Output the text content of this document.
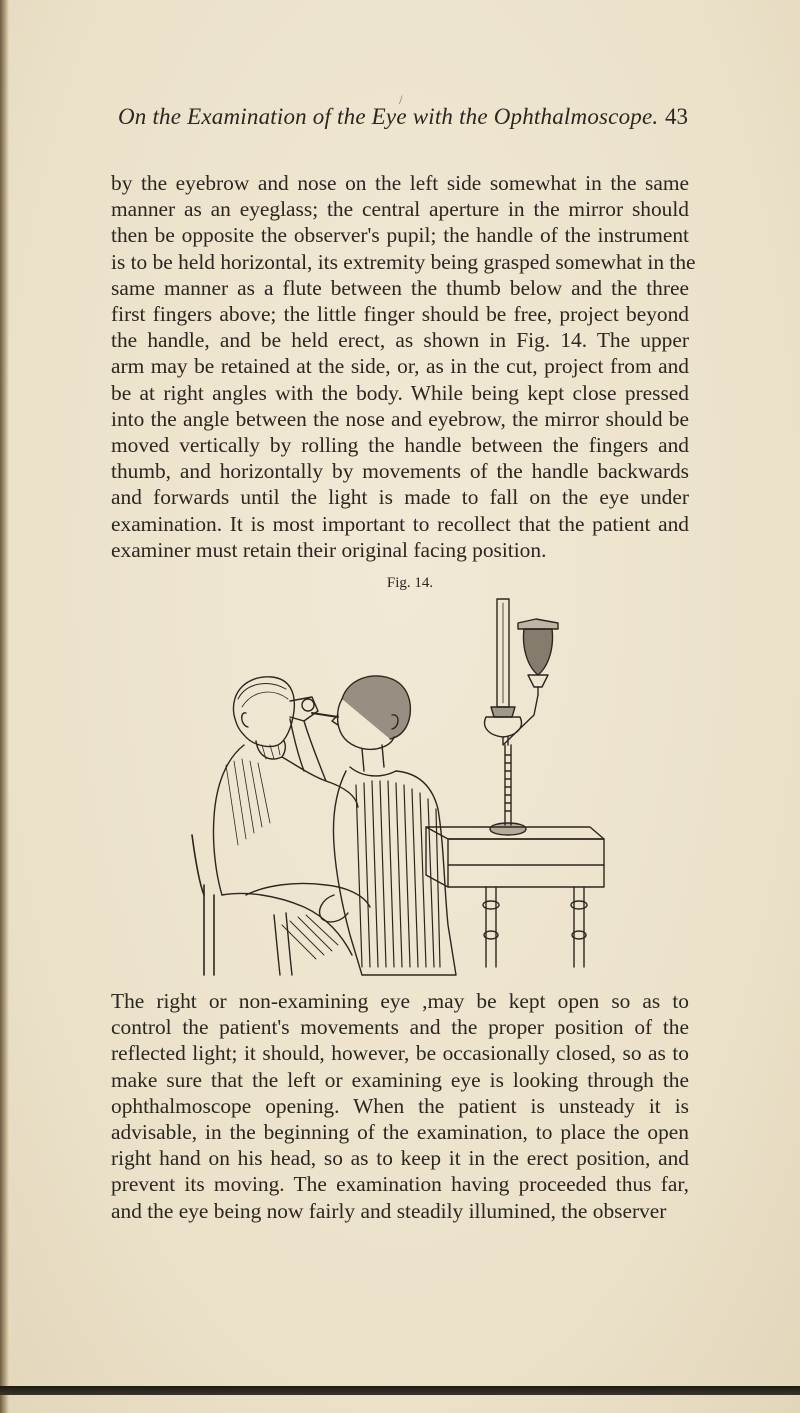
/
On the Examination of the Eye with the Ophthalmoscope. 43
by the eyebrow and nose on the left side somewhat in the same
manner as an eyeglass; the central aperture in the mirror should
then be opposite the observer's pupil; the handle of the instrument
is to be held horizontal, its extremity being grasped somewhat in the
same manner as a flute between the thumb below and the three
first fingers above; the little finger should be free, project beyond
the handle, and be held erect, as shown in Fig. 14. The upper
arm may be retained at the side, or, as in the cut, project from and
be at right angles with the body. While being kept close pressed
into the angle between the nose and eyebrow, the mirror should be
moved vertically by rolling the handle between the fingers and
thumb, and horizontally by movements of the handle backwards
and forwards until the light is made to fall on the eye under
examination. It is most important to recollect that the patient and
examiner must retain their original facing position.
Fig. 14.
The right or non-examining eye ,may be kept open so as to
control the patient's movements and the proper position of the
reflected light; it should, however, be occasionally closed, so as to
make sure that the left or examining eye is looking through the
ophthalmoscope opening. When the patient is unsteady it is
advisable, in the beginning of the examination, to place the open
right hand on his head, so as to keep it in the erect position, and
prevent its moving. The examination having proceeded thus far,
and the eye being now fairly and steadily illumined, the observer
